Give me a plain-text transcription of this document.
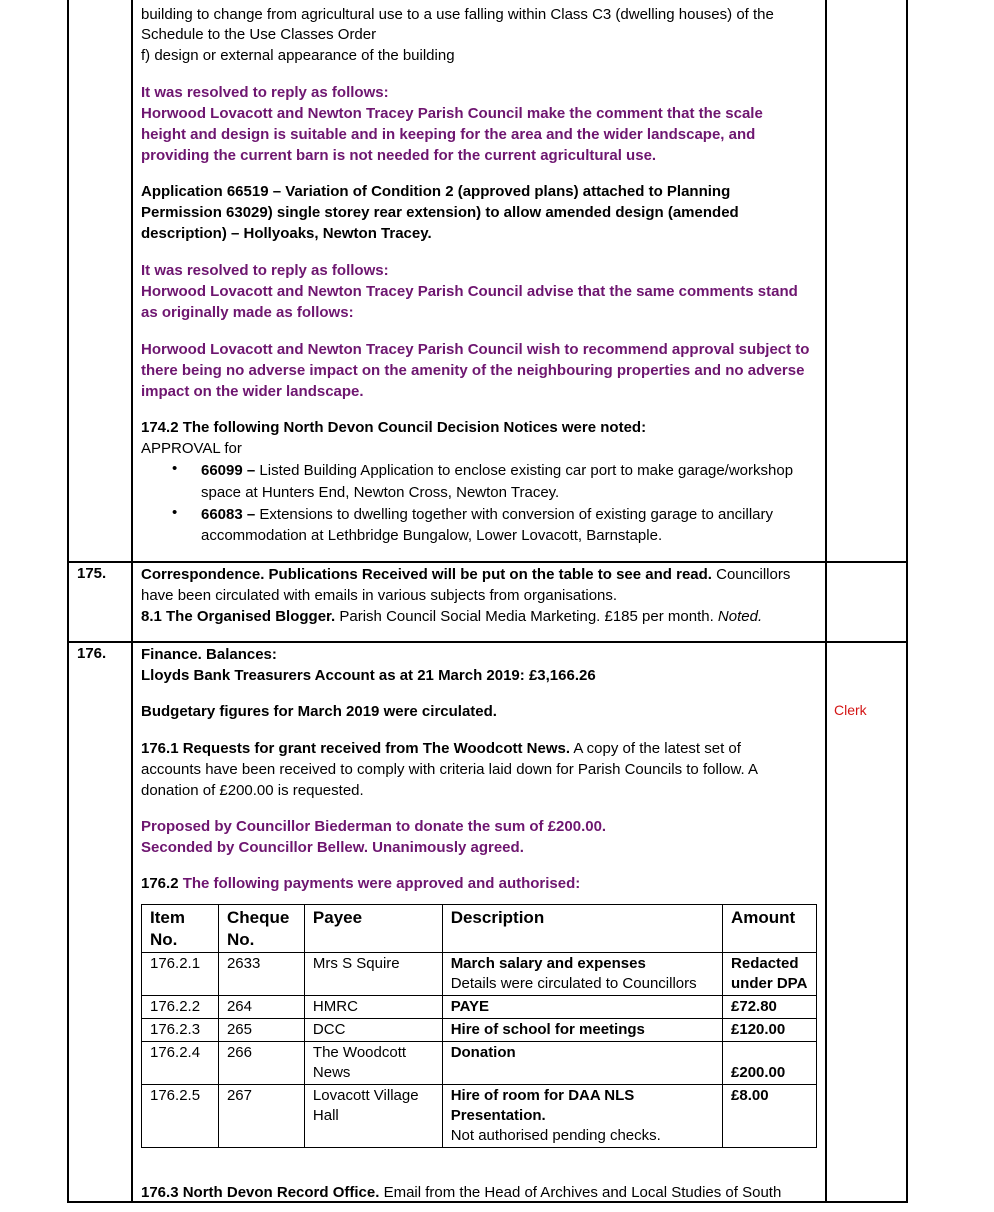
building to change from agricultural use to a use falling within Class C3 (dwelling houses) of the
Schedule to the Use Classes Order
f) design or external appearance of the building
It was resolved to reply as follows:
Horwood Lovacott and Newton Tracey Parish Council make the comment that the scale
height and design is suitable and in keeping for the area and the wider landscape, and
providing the current barn is not needed for the current agricultural use.
Application 66519 – Variation of Condition 2 (approved plans) attached to Planning
Permission 63029) single storey rear extension) to allow amended design (amended
description) – Hollyoaks, Newton Tracey.
It was resolved to reply as follows:
Horwood Lovacott and Newton Tracey Parish Council advise that the same comments stand
as originally made as follows:
Horwood Lovacott and Newton Tracey Parish Council wish to recommend approval subject to
there being no adverse impact on the amenity of the neighbouring properties and no adverse
impact on the wider landscape.
174.2 The following North Devon Council Decision Notices were noted:
APPROVAL for
• 66099 – Listed Building Application to enclose existing car port to make garage/workshop
space at Hunters End, Newton Cross, Newton Tracey.
• 66083 – Extensions to dwelling together with conversion of existing garage to ancillary
accommodation at Lethbridge Bungalow, Lower Lovacott, Barnstaple.
175. Correspondence. Publications Received will be put on the table to see and read. Councillors
have been circulated with emails in various subjects from organisations.
8.1 The Organised Blogger. Parish Council Social Media Marketing. £185 per month. Noted.
176. Finance. Balances:
Lloyds Bank Treasurers Account as at 21 March 2019: £3,166.26
Budgetary figures for March 2019 were circulated.	Clerk
176.1 Requests for grant received from The Woodcott News. A copy of the latest set of
accounts have been received to comply with criteria laid down for Parish Councils to follow. A
donation of £200.00 is requested.
Proposed by Councillor Biederman to donate the sum of £200.00.
Seconded by Councillor Bellew. Unanimously agreed.
176.2 The following payments were approved and authorised:
Item No.	Cheque No.	Payee	Description	Amount
176.2.1	2633	Mrs S Squire	March salary and expenses
Details were circulated to Councillors	Redacted under DPA
176.2.2	264	HMRC	PAYE	£72.80
176.2.3	265	DCC	Hire of school for meetings	£120.00
176.2.4	266	The Woodcott News	Donation	£200.00
176.2.5	267	Lovacott Village Hall	Hire of room for DAA NLS Presentation.
Not authorised pending checks.	£8.00
176.3 North Devon Record Office. Email from the Head of Archives and Local Studies of South
